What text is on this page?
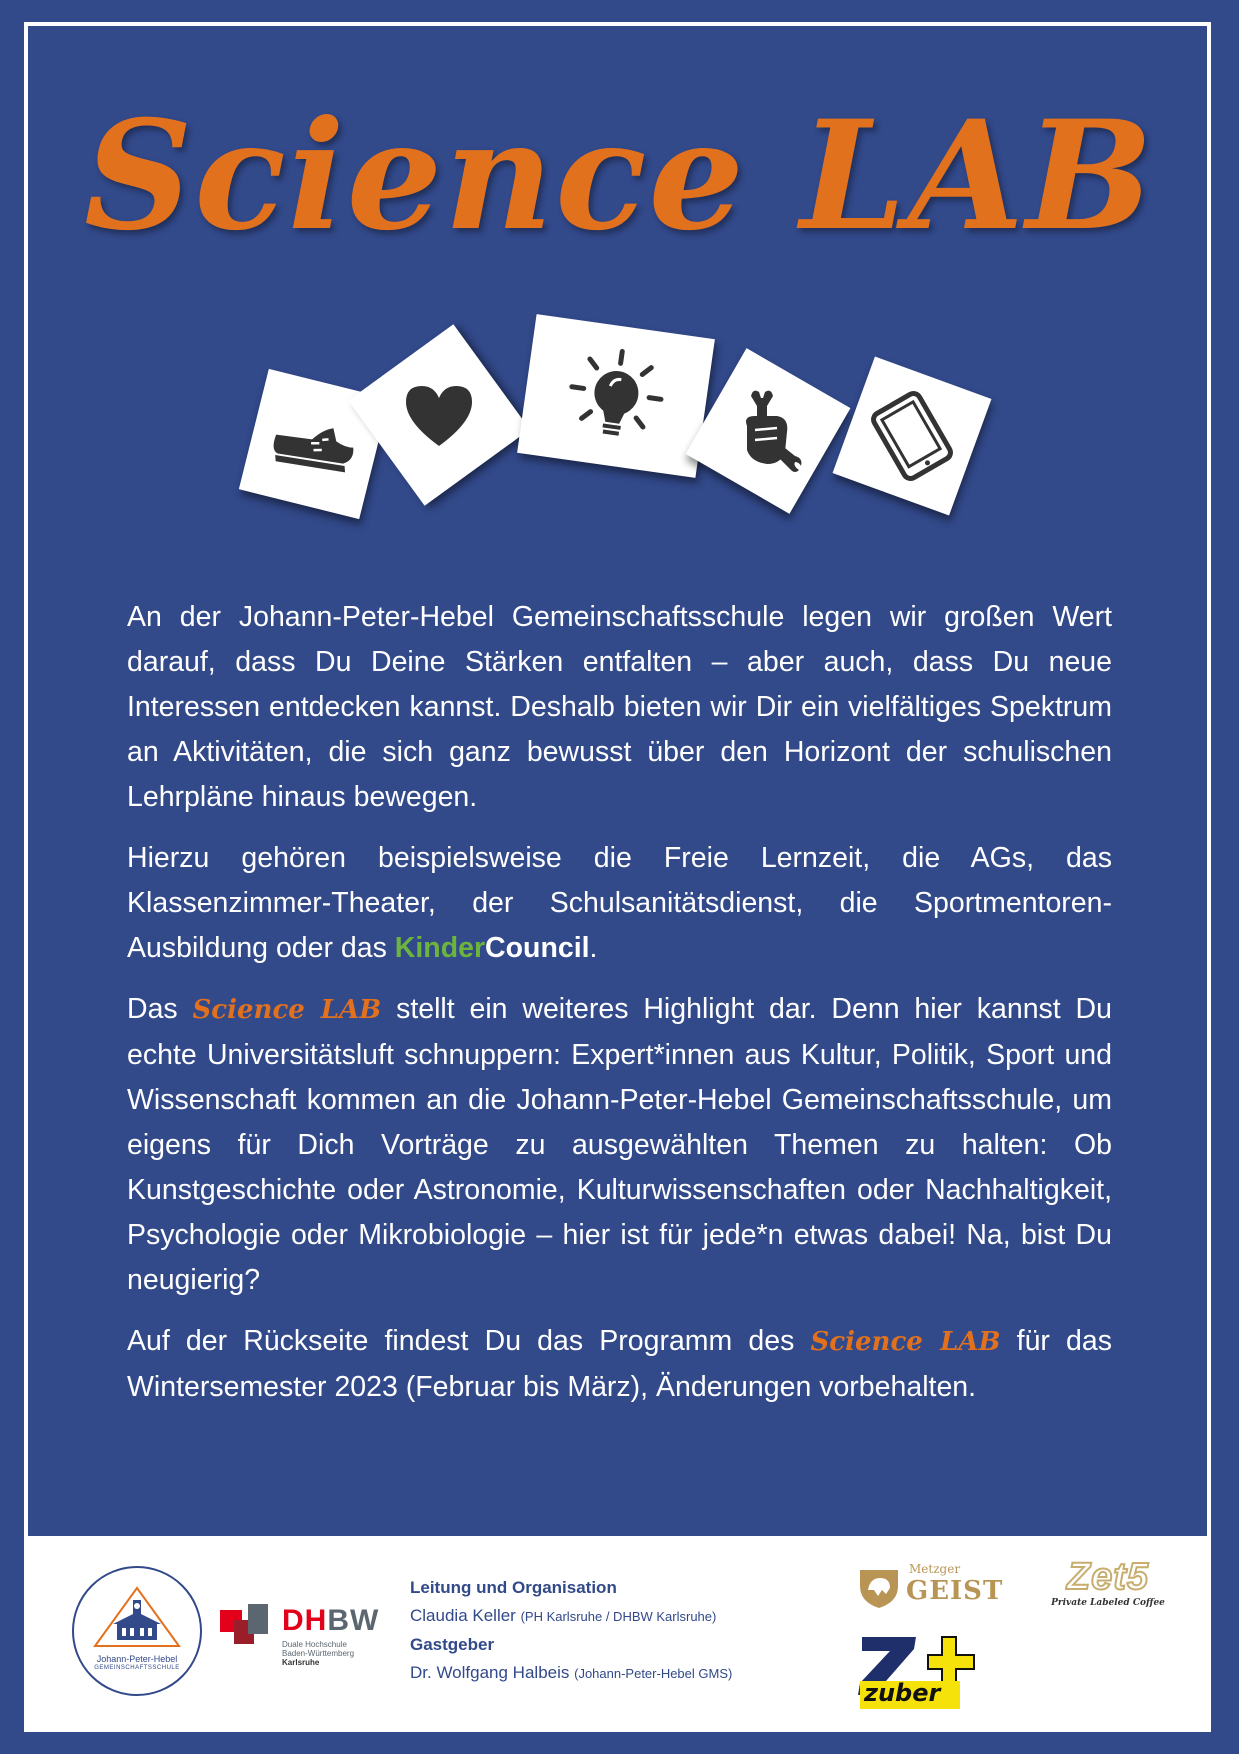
Science LAB

An der Johann-Peter-Hebel Gemeinschaftsschule legen wir großen Wert darauf, dass Du Deine Stärken entfalten – aber auch, dass Du neue Interessen entdecken kannst. Deshalb bieten wir Dir ein vielfältiges Spektrum an Aktivitäten, die sich ganz bewusst über den Horizont der schulischen Lehrpläne hinaus bewegen.

Hierzu gehören beispielsweise die Freie Lernzeit, die AGs, das Klassenzimmer-Theater, der Schulsanitätsdienst, die Sportmentoren-Ausbildung oder das KinderCouncil.

Das Science LAB stellt ein weiteres Highlight dar. Denn hier kannst Du echte Universitätsluft schnuppern: Expert*innen aus Kultur, Politik, Sport und Wissenschaft kommen an die Johann-Peter-Hebel Gemeinschaftsschule, um eigens für Dich Vorträge zu ausgewählten Themen zu halten: Ob Kunstgeschichte oder Astronomie, Kulturwissenschaften oder Nachhaltigkeit, Psychologie oder Mikrobiologie – hier ist für jede*n etwas dabei! Na, bist Du neugierig?

Auf der Rückseite findest Du das Programm des Science LAB für das Wintersemester 2023 (Februar bis März), Änderungen vorbehalten.

Johann-Peter-Hebel
GEMEINSCHAFTSSCHULE
DHBW
Duale Hochschule
Baden-Württemberg
Karlsruhe
Leitung und Organisation
Claudia Keller (PH Karlsruhe / DHBW Karlsruhe)
Gastgeber
Dr. Wolfgang Halbeis (Johann-Peter-Hebel GMS)
Metzger
GEIST	Zet5
Private Labeled Coffee
zuber
